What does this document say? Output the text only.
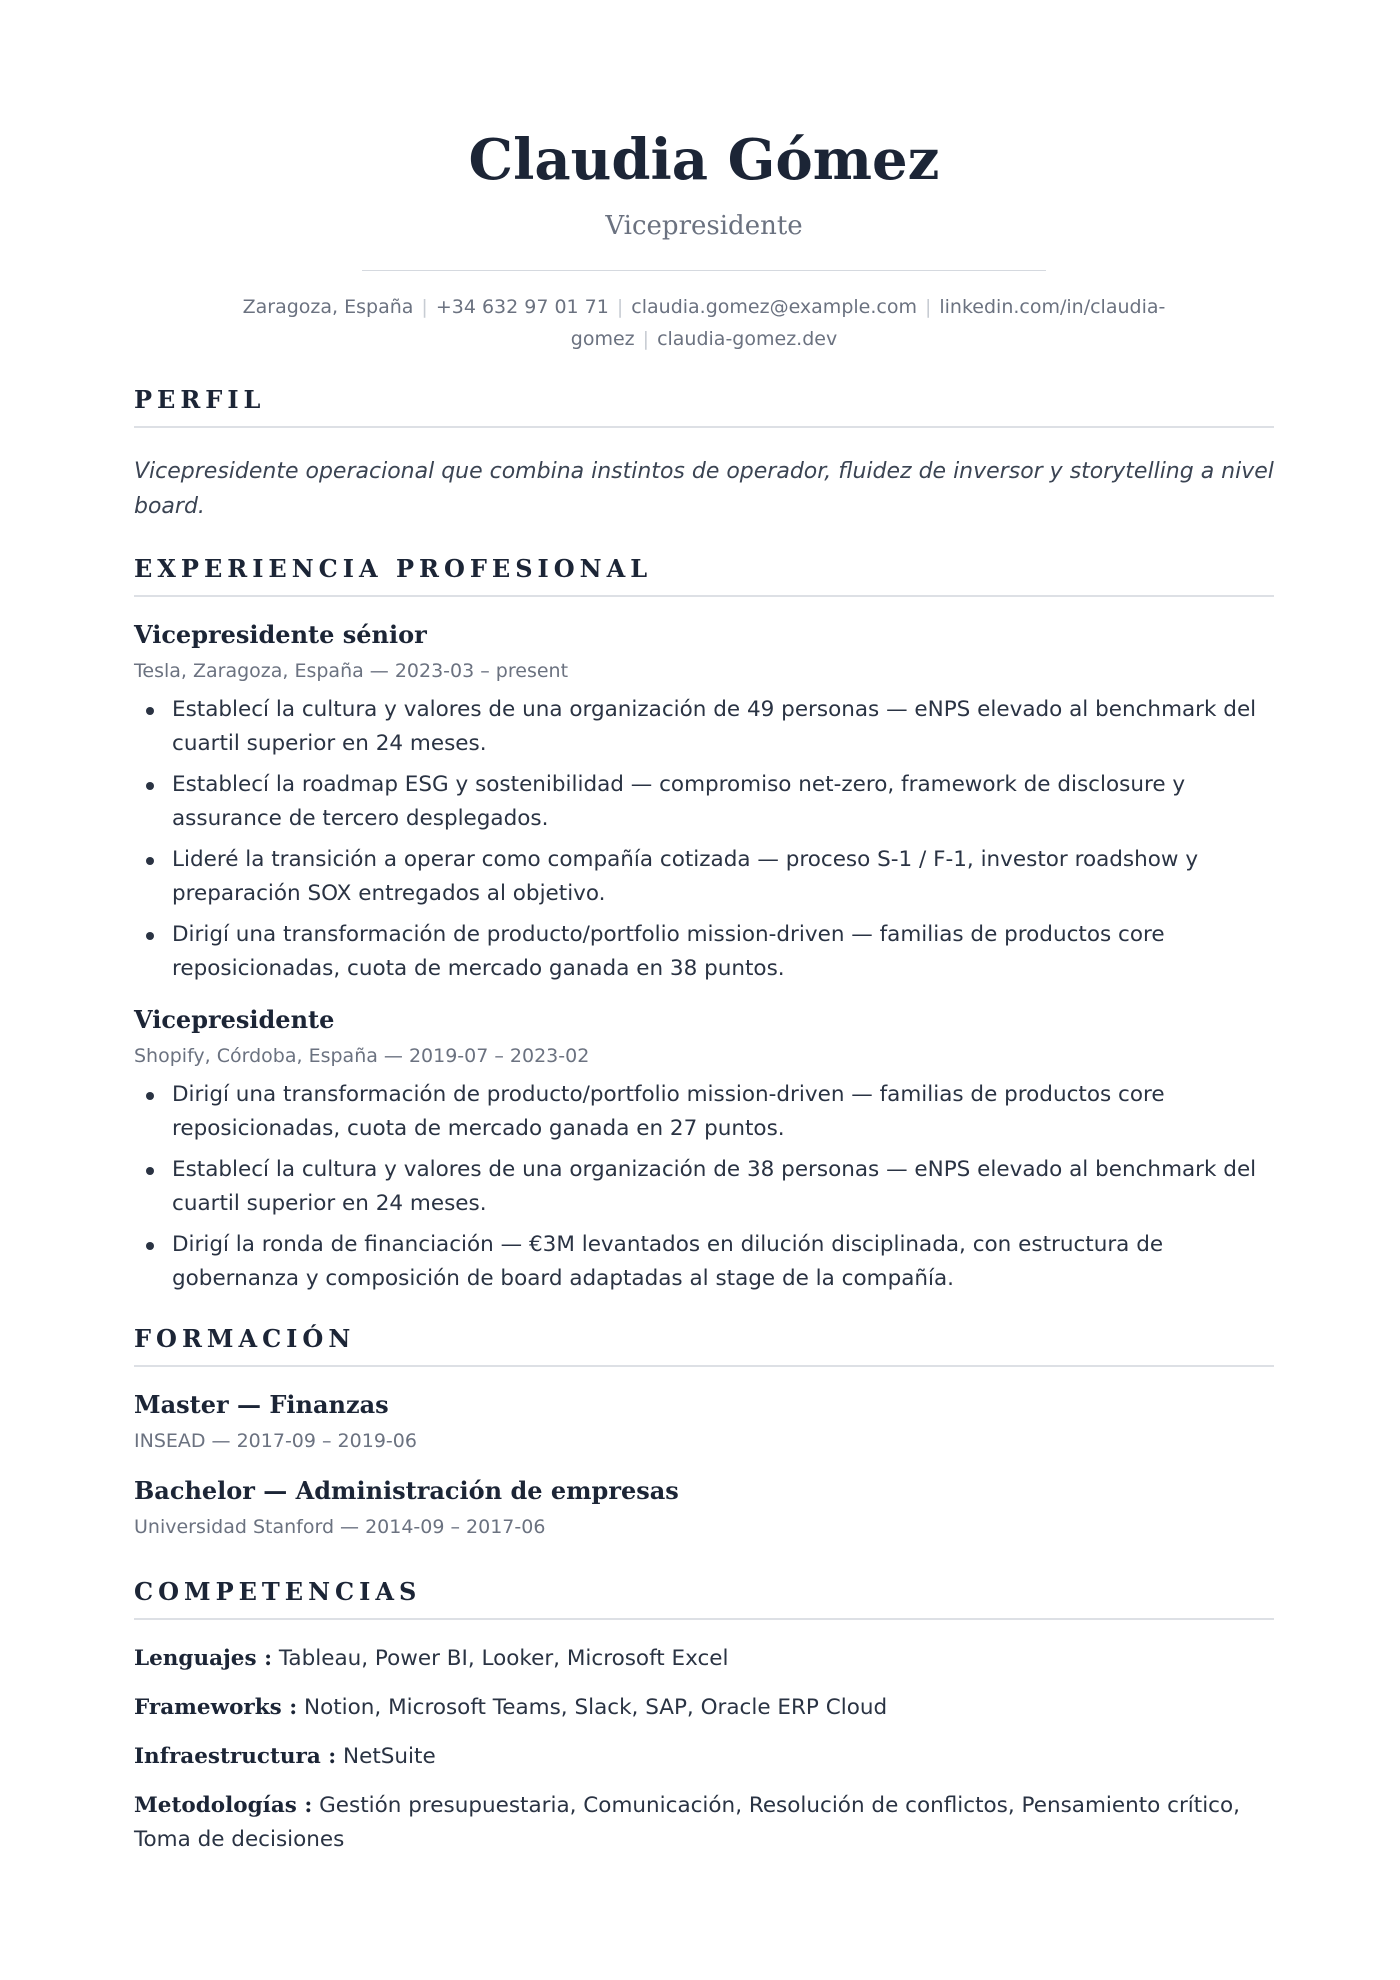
Claudia Gómez
Vicepresidente
Zaragoza, España | +34 632 97 01 71 | claudia.gomez@example.com | linkedin.com/in/claudia-gomez | claudia-gomez.dev
PERFIL
Vicepresidente operacional que combina instintos de operador, fluidez de inversor y storytelling a nivel board.
EXPERIENCIA PROFESIONAL
Vicepresidente sénior
Tesla, Zaragoza, España — 2023-03 – present
Establecí la cultura y valores de una organización de 49 personas — eNPS elevado al benchmark del cuartil superior en 24 meses.
Establecí la roadmap ESG y sostenibilidad — compromiso net-zero, framework de disclosure y assurance de tercero desplegados.
Lideré la transición a operar como compañía cotizada — proceso S-1 / F-1, investor roadshow y preparación SOX entregados al objetivo.
Dirigí una transformación de producto/portfolio mission-driven — familias de productos core reposicionadas, cuota de mercado ganada en 38 puntos.
Vicepresidente
Shopify, Córdoba, España — 2019-07 – 2023-02
Dirigí una transformación de producto/portfolio mission-driven — familias de productos core reposicionadas, cuota de mercado ganada en 27 puntos.
Establecí la cultura y valores de una organización de 38 personas — eNPS elevado al benchmark del cuartil superior en 24 meses.
Dirigí la ronda de financiación — €3M levantados en dilución disciplinada, con estructura de gobernanza y composición de board adaptadas al stage de la compañía.
FORMACIÓN
Master — Finanzas
INSEAD — 2017-09 – 2019-06
Bachelor — Administración de empresas
Universidad Stanford — 2014-09 – 2017-06
COMPETENCIAS
Lenguajes : Tableau, Power BI, Looker, Microsoft Excel
Frameworks : Notion, Microsoft Teams, Slack, SAP, Oracle ERP Cloud
Infraestructura : NetSuite
Metodologías : Gestión presupuestaria, Comunicación, Resolución de conflictos, Pensamiento crítico, Toma de decisiones
